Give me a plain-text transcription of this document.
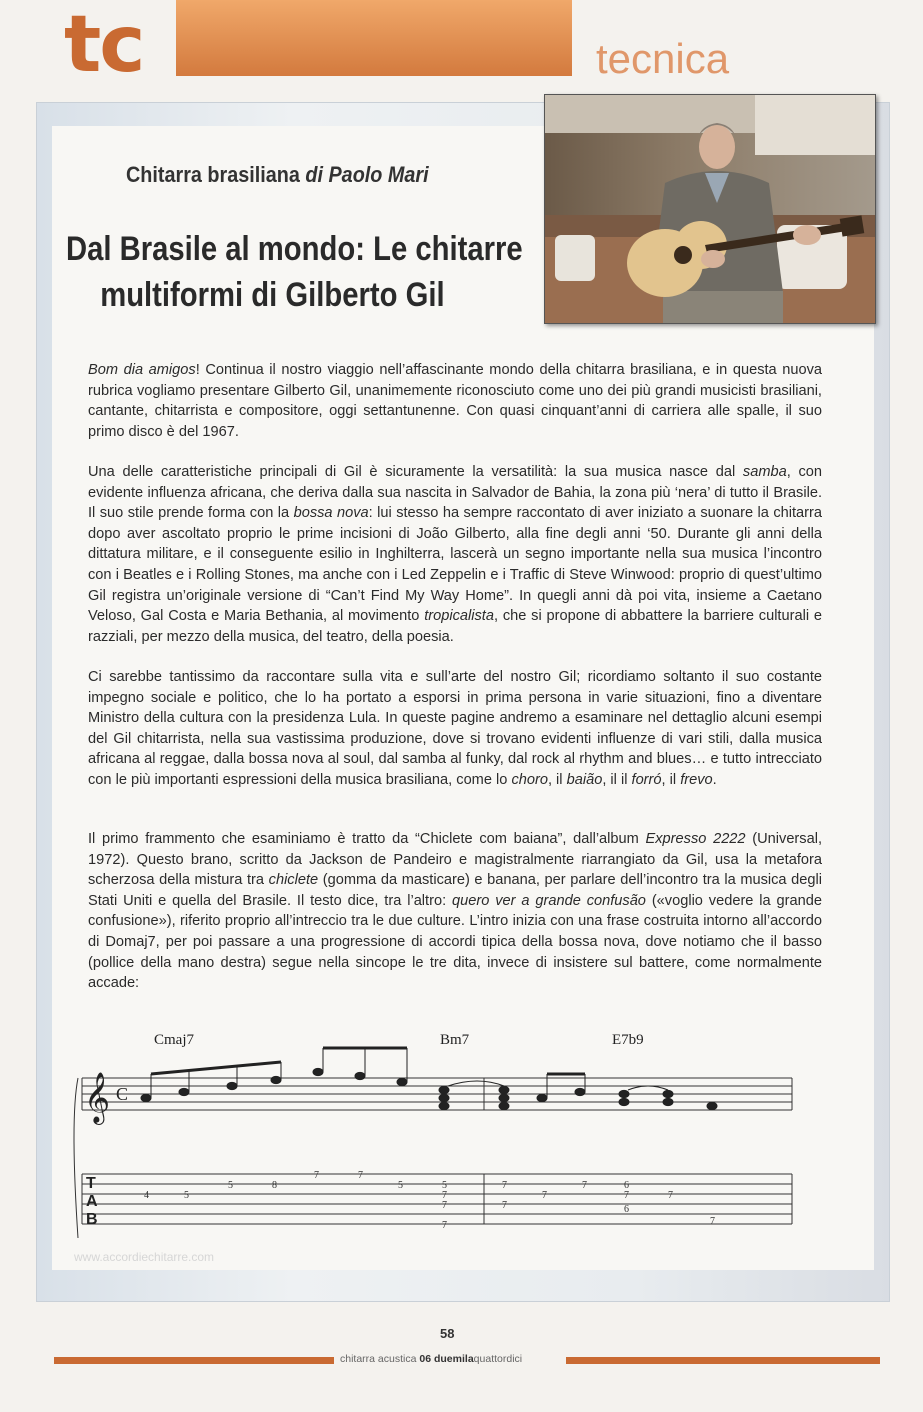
tc	tecnica
Chitarra brasiliana di Paolo Mari
Dal Brasile al mondo: Le chitarre
multiformi di Gilberto Gil

Bom dia amigos! Continua il nostro viaggio nell’affascinante mondo della chitarra brasiliana, e in questa nuova rubrica vogliamo presentare Gilberto Gil, unanimemente riconosciuto come uno dei più grandi musicisti brasiliani, cantante, chitarrista e compositore, oggi settantunenne. Con quasi cinquant’anni di carriera alle spalle, il suo primo disco è del 1967.

Una delle caratteristiche principali di Gil è sicuramente la versatilità: la sua musica nasce dal samba, con evidente influenza africana, che deriva dalla sua nascita in Salvador de Bahia, la zona più ‘nera’ di tutto il Brasile. Il suo stile prende forma con la bossa nova: lui stesso ha sempre raccontato di aver iniziato a suonare la chitarra dopo aver ascoltato proprio le prime incisioni di João Gilberto, alla fine degli anni ‘50. Durante gli anni della dittatura militare, e il conseguente esilio in Inghilterra, lascerà un segno importante nella sua musica l’incontro con i Beatles e i Rolling Stones, ma anche con i Led Zeppelin e i Traffic di Steve Winwood: proprio di quest’ultimo Gil registra un’originale versione di “Can’t Find My Way Home”. In quegli anni dà poi vita, insieme a Caetano Veloso, Gal Costa e Maria Bethania, al movimento tropicalista, che si propone di abbattere la barriere culturali e razziali, per mezzo della musica, del teatro, della poesia.

Ci sarebbe tantissimo da raccontare sulla vita e sull’arte del nostro Gil; ricordiamo soltanto il suo costante impegno sociale e politico, che lo ha portato a esporsi in prima persona in varie situazioni, fino a diventare Ministro della cultura con la presidenza Lula. In queste pagine andremo a esaminare nel dettaglio alcuni esempi del Gil chitarrista, nella sua vastissima produzione, dove si trovano evidenti influenze di vari stili, dalla musica africana al reggae, dalla bossa nova al soul, dal samba al funky, dal rock al rhythm and blues… e tutto intrecciato con le più importanti espressioni della musica brasiliana, come lo choro, il baião, il il forró, il frevo.

Il primo frammento che esaminiamo è tratto da “Chiclete com baiana”, dall’album Expresso 2222 (Universal, 1972). Questo brano, scritto da Jackson de Pandeiro e magistralmente riarrangiato da Gil, usa la metafora scherzosa della mistura tra chiclete (gomma da masticare) e banana, per parlare dell’incontro tra la musica degli Stati Uniti e quella del Brasile. Il testo dice, tra l’altro: quero ver a grande confusão («voglio vedere la grande confusione»), riferito proprio all’intreccio tra le due culture. L’intro inizia con una frase costruita intorno all’accordo di Domaj7, per poi passare a una progressione di accordi tipica della bossa nova, dove notiamo che il basso (pollice della mano destra) segue nella sincope le tre dita, invece di insistere sul battere, come normalmente accade:

Cmaj7	Bm7	E7b9
𝄞 C
T
A
B
4	5
5	8
7	7
5	5
7
7
7
7
7
7
7	6
7
6
7
7
www.accordiechitarre.com
58
chitarra acustica 06 duemilaquattordici
